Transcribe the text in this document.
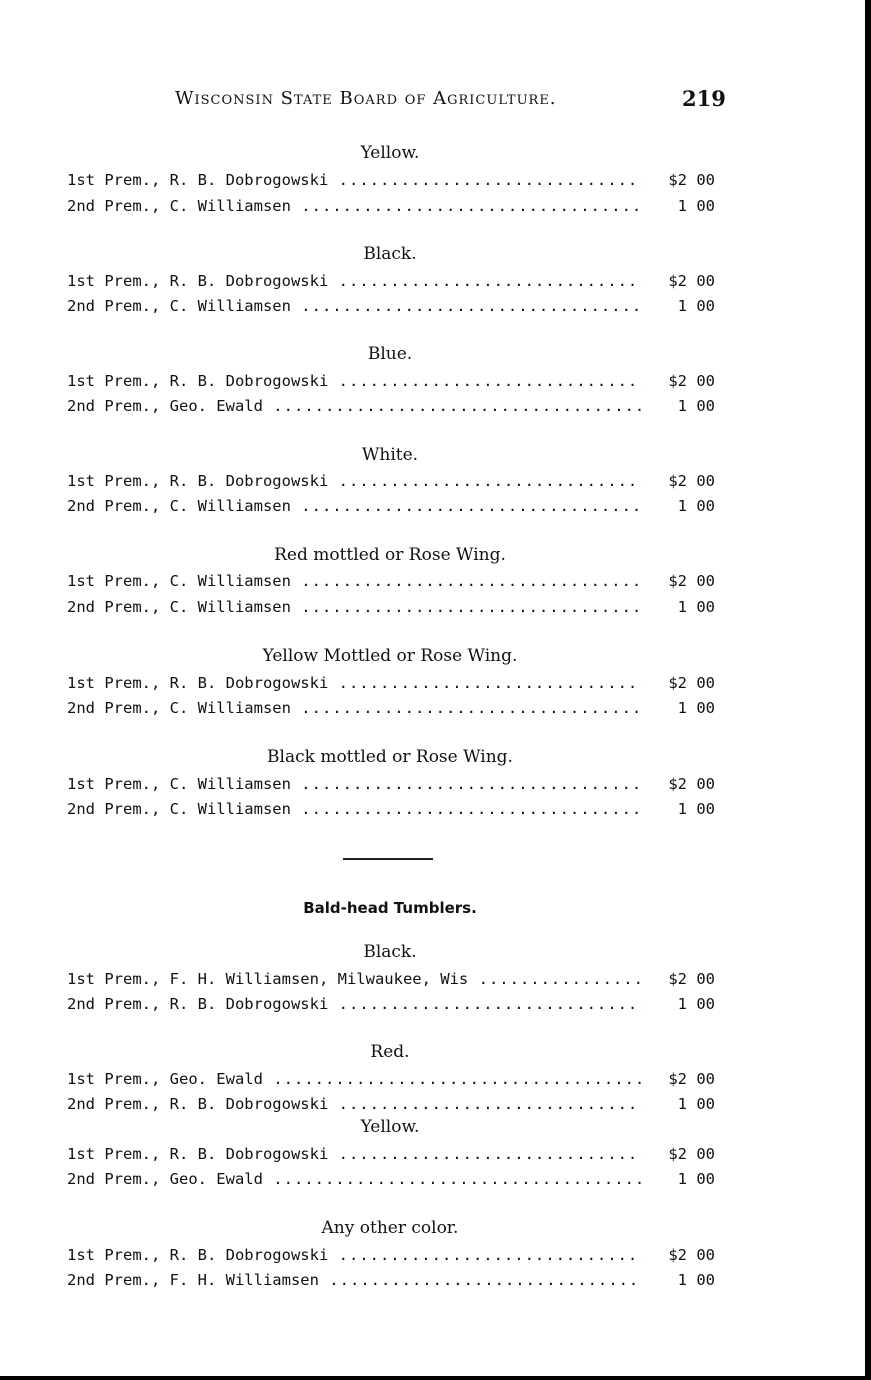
Wisconsin State Board of Agriculture.	219
Yellow.
1st Prem., R. B. Dobrogowski .....	$2 00
2nd Prem., C. Williamsen .....	1 00
Black.
1st Prem., R. B. Dobrogowski .....	$2 00
2nd Prem., C. Williamsen .....	1 00
Blue.
1st Prem., R. B. Dobrogowski .....	$2 00
2nd Prem., Geo. Ewald .....	1 00
White.
1st Prem., R. B. Dobrogowski .....	$2 00
2nd Prem., C. Williamsen .....	1 00
Red mottled or Rose Wing.
1st Prem., C. Williamsen .....	$2 00
2nd Prem., C. Williamsen .....	1 00
Yellow Mottled or Rose Wing.
1st Prem., R. B. Dobrogowski .....	$2 00
2nd Prem., C. Williamsen .....	1 00
Black mottled or Rose Wing.
1st Prem., C. Williamsen .....	$2 00
2nd Prem., C. Williamsen .....	1 00
Bald-head Tumblers.
Black.
1st Prem., F. H. Williamsen, Milwaukee, Wis .....	$2 00
2nd Prem., R. B. Dobrogowski .....	1 00
Red.
1st Prem., Geo. Ewald .....	$2 00
2nd Prem., R. B. Dobrogowski .....	1 00
Yellow.
1st Prem., R. B. Dobrogowski .....	$2 00
2nd Prem., Geo. Ewald .....	1 00
Any other color.
1st Prem., R. B. Dobrogowski .....	$2 00
2nd Prem., F. H. Williamsen .....	1 00
